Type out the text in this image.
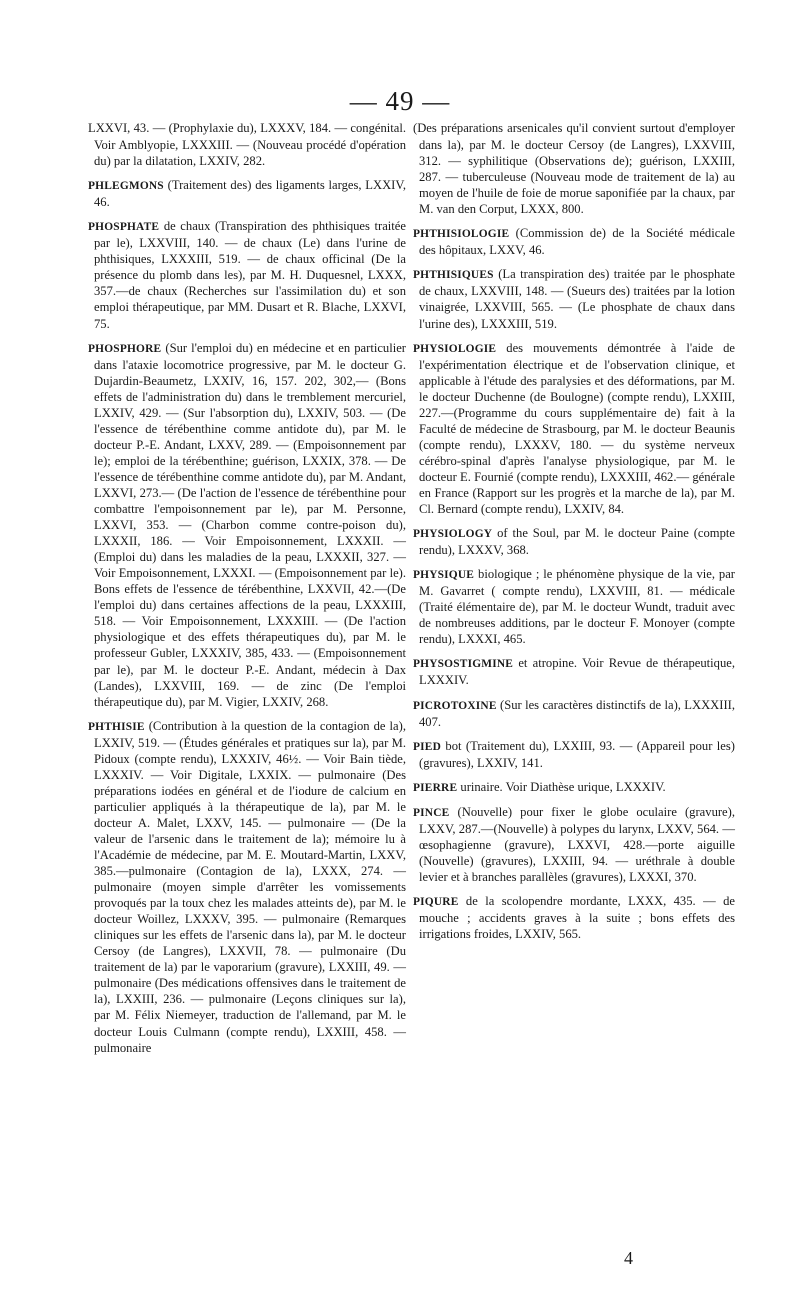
— 49 —

LXXVI, 43. — (Prophylaxie du), LXXXV, 184. — congénital. Voir Amblyopie, LXXXIII. — (Nouveau procédé d'opération du) par la dilatation, LXXIV, 282.

PHLEGMONS (Traitement des) des ligaments larges, LXXIV, 46.

PHOSPHATE de chaux (Transpiration des phthisiques traitée par le), LXXVIII, 140. — de chaux (Le) dans l'urine de phthisiques, LXXXIII, 519. — de chaux officinal (De la présence du plomb dans les), par M. H. Duquesnel, LXXX, 357.—de chaux (Recherches sur l'assimilation du) et son emploi thérapeutique, par MM. Dusart et R. Blache, LXXVI, 75.

PHOSPHORE (Sur l'emploi du) en médecine et en particulier dans l'ataxie locomotrice progressive, par M. le docteur G. Dujardin-Beaumetz, LXXIV, 16, 157. 202, 302,— (Bons effets de l'administration du) dans le tremblement mercuriel, LXXIV, 429. — (Sur l'absorption du), LXXIV, 503. — (De l'essence de térébenthine comme antidote du), par M. le docteur P.-E. Andant, LXXV, 289. — (Empoisonnement par le); emploi de la térébenthine; guérison, LXXIX, 378. — De l'essence de térébenthine comme antidote du), par M. Andant, LXXVI, 273.— (De l'action de l'essence de térébenthine pour combattre l'empoisonnement par le), par M. Personne, LXXVI, 353. — (Charbon comme contre-poison du), LXXXII, 186. — Voir Empoisonnement, LXXXII. — (Emploi du) dans les maladies de la peau, LXXXII, 327. — Voir Empoisonnement, LXXXI. — (Empoisonnement par le). Bons effets de l'essence de térébenthine, LXXVII, 42.—(De l'emploi du) dans certaines affections de la peau, LXXXIII, 518. — Voir Empoisonnement, LXXXIII. — (De l'action physiologique et des effets thérapeutiques du), par M. le professeur Gubler, LXXXIV, 385, 433. — (Empoisonnement par le), par M. le docteur P.-E. Andant, médecin à Dax (Landes), LXXVIII, 169. — de zinc (De l'emploi thérapeutique du), par M. Vigier, LXXIV, 268.

PHTHISIE (Contribution à la question de la contagion de la), LXXIV, 519. — (Études générales et pratiques sur la), par M. Pidoux (compte rendu), LXXXIV, 46½. — Voir Bain tiède, LXXXIV. — Voir Digitale, LXXIX. — pulmonaire (Des préparations iodées en général et de l'iodure de calcium en particulier appliqués à la thérapeutique de la), par M. le docteur A. Malet, LXXV, 145. — pulmonaire — (De la valeur de l'arsenic dans le traitement de la); mémoire lu à l'Académie de médecine, par M. E. Moutard-Martin, LXXV, 385.—pulmonaire (Contagion de la), LXXX, 274. — pulmonaire (moyen simple d'arrêter les vomissements provoqués par la toux chez les malades atteints de), par M. le docteur Woillez, LXXXV, 395. — pulmonaire (Remarques cliniques sur les effets de l'arsenic dans la), par M. le docteur Cersoy (de Langres), LXXVII, 78. — pulmonaire (Du traitement de la) par le vaporarium (gravure), LXXIII, 49. — pulmonaire (Des médications offensives dans le traitement de la), LXXIII, 236. — pulmonaire (Leçons cliniques sur la), par M. Félix Niemeyer, traduction de l'allemand, par M. le docteur Louis Culmann (compte rendu), LXXIII, 458. — pulmonaire

(Des préparations arsenicales qu'il convient surtout d'employer dans la), par M. le docteur Cersoy (de Langres), LXXVIII, 312. — syphilitique (Observations de); guérison, LXXIII, 287. — tuberculeuse (Nouveau mode de traitement de la) au moyen de l'huile de foie de morue saponifiée par la chaux, par M. van den Corput, LXXX, 800.

PHTHISIOLOGIE (Commission de) de la Société médicale des hôpitaux, LXXV, 46.

PHTHISIQUES (La transpiration des) traitée par le phosphate de chaux, LXXVIII, 148. — (Sueurs des) traitées par la lotion vinaigrée, LXXVIII, 565. — (Le phosphate de chaux dans l'urine des), LXXXIII, 519.

PHYSIOLOGIE des mouvements démontrée à l'aide de l'expérimentation électrique et de l'observation clinique, et applicable à l'étude des paralysies et des déformations, par M. le docteur Duchenne (de Boulogne) (compte rendu), LXXIII, 227.—(Programme du cours supplémentaire de) fait à la Faculté de médecine de Strasbourg, par M. le docteur Beaunis (compte rendu), LXXXV, 180. — du système nerveux cérébro-spinal d'après l'analyse physiologique, par M. le docteur E. Fournié (compte rendu), LXXXIII, 462.— générale en France (Rapport sur les progrès et la marche de la), par M. Cl. Bernard (compte rendu), LXXIV, 84.

PHYSIOLOGY of the Soul, par M. le docteur Paine (compte rendu), LXXXV, 368.

PHYSIQUE biologique ; le phénomène physique de la vie, par M. Gavarret ( compte rendu), LXXVIII, 81. — médicale (Traité élémentaire de), par M. le docteur Wundt, traduit avec de nombreuses additions, par le docteur F. Monoyer (compte rendu), LXXXI, 465.

PHYSOSTIGMINE et atropine. Voir Revue de thérapeutique, LXXXIV.

PICROTOXINE (Sur les caractères distinctifs de la), LXXXIII, 407.

PIED bot (Traitement du), LXXIII, 93. — (Appareil pour les) (gravures), LXXIV, 141.

PIERRE urinaire. Voir Diathèse urique, LXXXIV.

PINCE (Nouvelle) pour fixer le globe oculaire (gravure), LXXV, 287.—(Nouvelle) à polypes du larynx, LXXV, 564. — œsophagienne (gravure), LXXVI, 428.—porte aiguille (Nouvelle) (gravures), LXXIII, 94. — uréthrale à double levier et à branches parallèles (gravures), LXXXI, 370.

PIQURE de la scolopendre mordante, LXXX, 435. — de mouche ; accidents graves à la suite ; bons effets des irrigations froides, LXXIV, 565.

4
